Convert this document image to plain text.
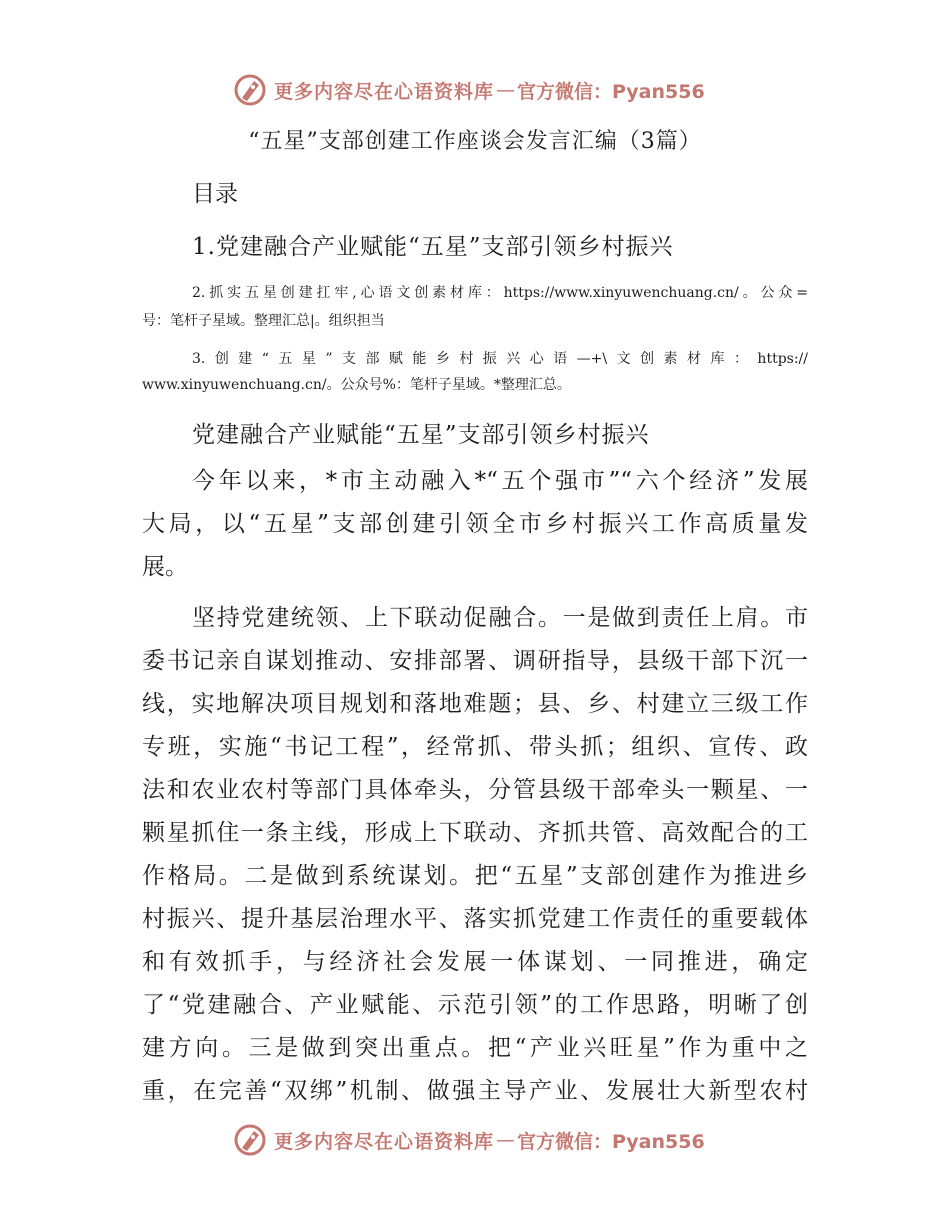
更多内容尽在心语资料库 — 官方微信：Pyan556
“五星”支部创建工作座谈会发言汇编（3篇）
目录
1.党建融合产业赋能“五星”支部引领乡村振兴
2.抓实五星创建扛牢,心语文创素材库：https://www.xinyuwenchuang.cn/。公众=
号：笔杆子星域。整理汇总|。组织担当
3.创建“五星”支部赋能乡村振兴心语—+\文创素材库：https://
www.xinyuwenchuang.cn/。公众号%：笔杆子星域。*整理汇总。
党建融合产业赋能“五星”支部引领乡村振兴
今年以来，*市主动融入*“五个强市”“六个经济”发展
大局，以“五星”支部创建引领全市乡村振兴工作高质量发
展。
坚持党建统领、上下联动促融合。一是做到责任上肩。市
委书记亲自谋划推动、安排部署、调研指导，县级干部下沉一
线，实地解决项目规划和落地难题；县、乡、村建立三级工作
专班，实施“书记工程”，经常抓、带头抓；组织、宣传、政
法和农业农村等部门具体牵头，分管县级干部牵头一颗星、一
颗星抓住一条主线，形成上下联动、齐抓共管、高效配合的工
作格局。二是做到系统谋划。把“五星”支部创建作为推进乡
村振兴、提升基层治理水平、落实抓党建工作责任的重要载体
和有效抓手，与经济社会发展一体谋划、一同推进，确定
了“党建融合、产业赋能、示范引领”的工作思路，明晰了创
建方向。三是做到突出重点。把“产业兴旺星”作为重中之
重，在完善“双绑”机制、做强主导产业、发展壮大新型农村
更多内容尽在心语资料库 — 官方微信：Pyan556
